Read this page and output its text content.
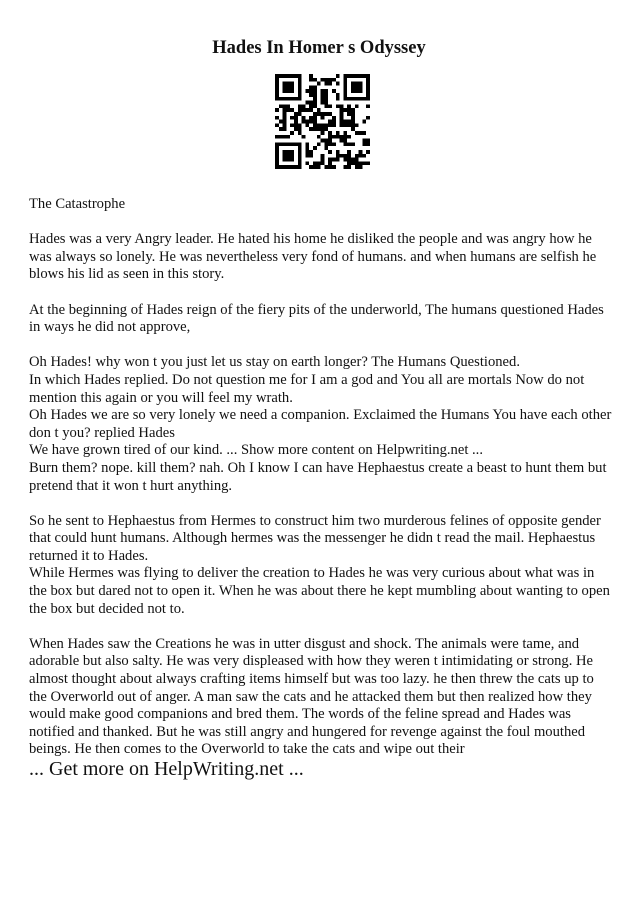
Hades In Homer s Odyssey

The Catastrophe

Hades was a very Angry leader. He hated his home he disliked the people and was angry how he
was always so lonely. He was nevertheless very fond of humans. and when humans are selfish he
blows his lid as seen in this story.

At the beginning of Hades reign of the fiery pits of the underworld, The humans questioned Hades
in ways he did not approve,

Oh Hades! why won t you just let us stay on earth longer? The Humans Questioned.
In which Hades replied. Do not question me for I am a god and You all are mortals Now do not
mention this again or you will feel my wrath.
Oh Hades we are so very lonely we need a companion. Exclaimed the Humans You have each other
don t you? replied Hades
We have grown tired of our kind. ... Show more content on Helpwriting.net ...
Burn them? nope. kill them? nah. Oh I know I can have Hephaestus create a beast to hunt them but
pretend that it won t hurt anything.

So he sent to Hephaestus from Hermes to construct him two murderous felines of opposite gender
that could hunt humans. Although hermes was the messenger he didn t read the mail. Hephaestus
returned it to Hades.
While Hermes was flying to deliver the creation to Hades he was very curious about what was in
the box but dared not to open it. When he was about there he kept mumbling about wanting to open
the box but decided not to.

When Hades saw the Creations he was in utter disgust and shock. The animals were tame, and
adorable but also salty. He was very displeased with how they weren t intimidating or strong. He
almost thought about always crafting items himself but was too lazy. he then threw the cats up to
the Overworld out of anger. A man saw the cats and he attacked them but then realized how they
would make good companions and bred them. The words of the feline spread and Hades was
notified and thanked. But he was still angry and hungered for revenge against the foul mouthed
beings. He then comes to the Overworld to take the cats and wipe out their

... Get more on HelpWriting.net ...
